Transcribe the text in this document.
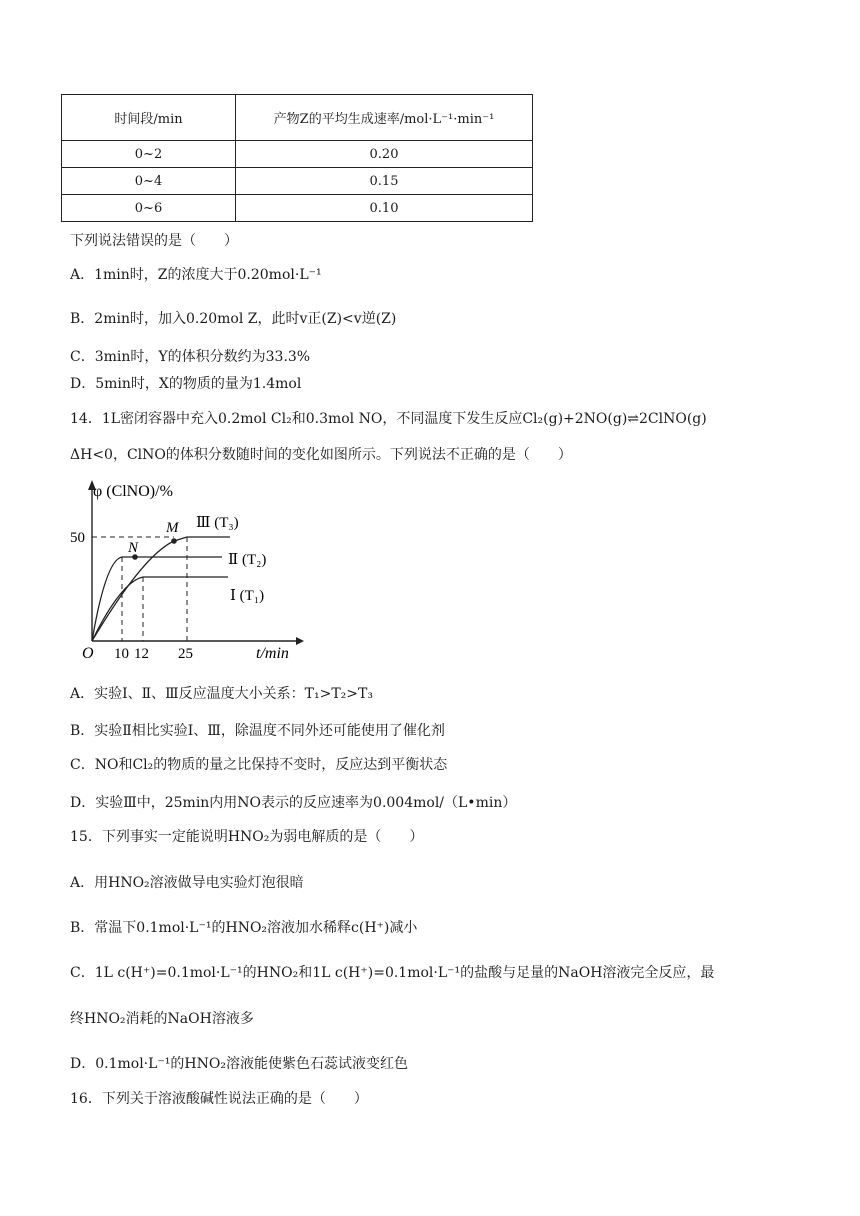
时间段/min	产物Z的平均生成速率/mol·L⁻¹·min⁻¹
0~2	0.20
0~4	0.15
0~6	0.10
下列说法错误的是（　　）
A．1min时，Z的浓度大于0.20mol·L⁻¹
B．2min时，加入0.20mol Z，此时v正(Z)<v逆(Z)
C．3min时，Y的体积分数约为33.3%
D．5min时，X的物质的量为1.4mol
14．1L密闭容器中充入0.2mol Cl₂和0.3mol NO，不同温度下发生反应Cl₂(g)+2NO(g)⇌2ClNO(g)
ΔH<0，ClNO的体积分数随时间的变化如图所示。下列说法不正确的是（　　）
φ (ClNO)/%
50
O 10 12 25	t/min
N
M Ⅲ (T₃)
Ⅱ (T₂)
Ⅰ (T₁)
A．实验Ⅰ、Ⅱ、Ⅲ反应温度大小关系：T₁>T₂>T₃
B．实验Ⅱ相比实验Ⅰ、Ⅲ，除温度不同外还可能使用了催化剂
C．NO和Cl₂的物质的量之比保持不变时，反应达到平衡状态
D．实验Ⅲ中，25min内用NO表示的反应速率为0.004mol/（L•min）
15．下列事实一定能说明HNO₂为弱电解质的是（　　）
A．用HNO₂溶液做导电实验灯泡很暗
B．常温下0.1mol·L⁻¹的HNO₂溶液加水稀释c(H⁺)减小
C．1L c(H⁺)=0.1mol·L⁻¹的HNO₂和1L c(H⁺)=0.1mol·L⁻¹的盐酸与足量的NaOH溶液完全反应，最
终HNO₂消耗的NaOH溶液多
D．0.1mol·L⁻¹的HNO₂溶液能使紫色石蕊试液变红色
16．下列关于溶液酸碱性说法正确的是（　　）
